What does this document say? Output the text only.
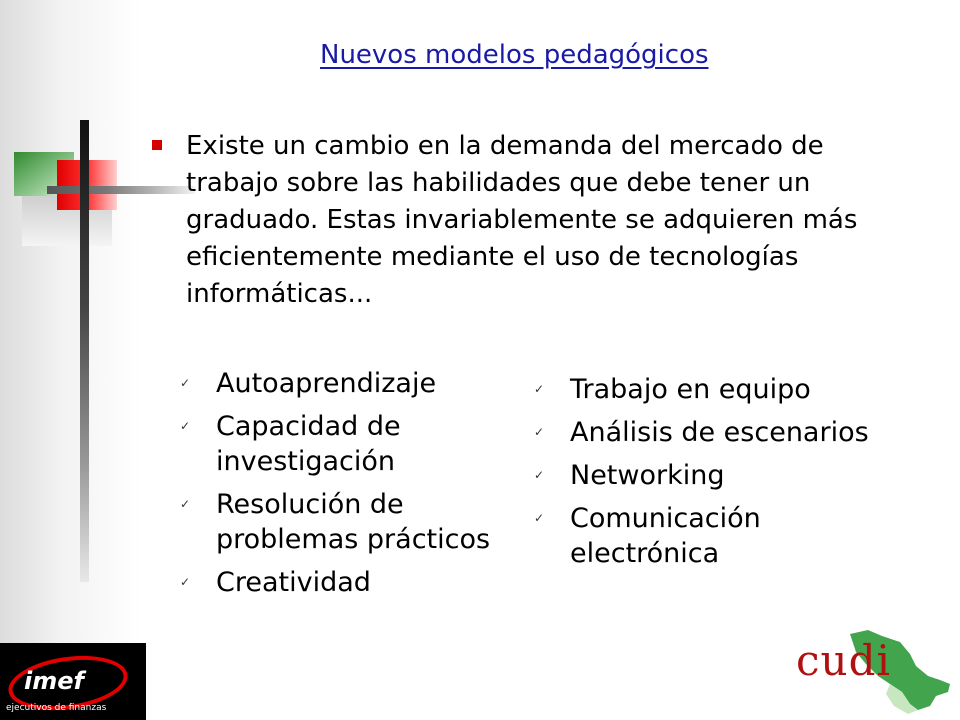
Nuevos modelos pedagógicos
Existe un cambio en la demanda del mercado de trabajo sobre las habilidades que debe tener un graduado. Estas invariablemente se adquieren más eficientemente mediante el uso de tecnologías informáticas...
✓ Autoaprendizaje
✓ Capacidad de investigación
✓ Resolución de problemas prácticos
✓ Creatividad
✓ Trabajo en equipo
✓ Análisis de escenarios
✓ Networking
✓ Comunicación electrónica
imef
ejecutivos de finanzas
cudi
